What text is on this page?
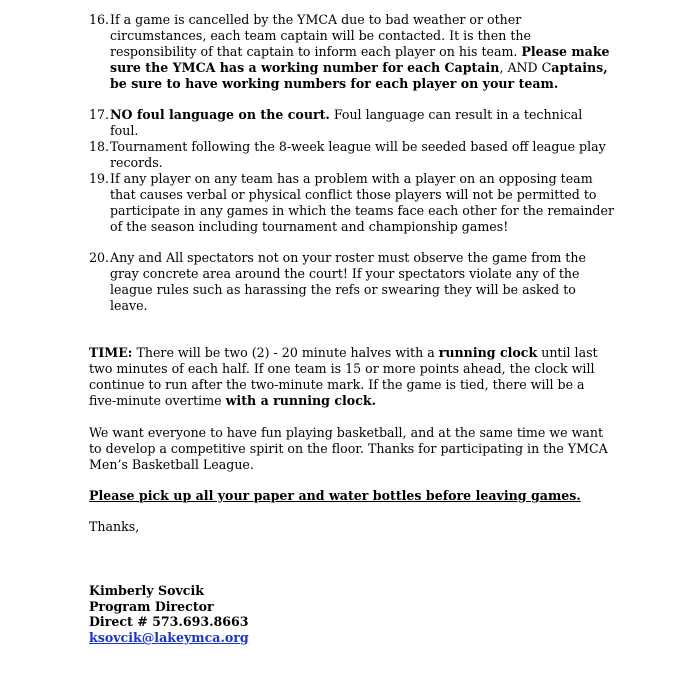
16. If a game is cancelled by the YMCA due to bad weather or other circumstances, each team captain will be contacted. It is then the responsibility of that captain to inform each player on his team. Please make sure the YMCA has a working number for each Captain, AND Captains, be sure to have working numbers for each player on your team.
17. NO foul language on the court. Foul language can result in a technical foul.
18. Tournament following the 8-week league will be seeded based off league play records.
19. If any player on any team has a problem with a player on an opposing team that causes verbal or physical conflict those players will not be permitted to participate in any games in which the teams face each other for the remainder of the season including tournament and championship games!
20. Any and All spectators not on your roster must observe the game from the gray concrete area around the court! If your spectators violate any of the league rules such as harassing the refs or swearing they will be asked to leave.
TIME: There will be two (2) - 20 minute halves with a running clock until last two minutes of each half. If one team is 15 or more points ahead, the clock will continue to run after the two-minute mark. If the game is tied, there will be a five-minute overtime with a running clock.
We want everyone to have fun playing basketball, and at the same time we want to develop a competitive spirit on the floor. Thanks for participating in the YMCA Men’s Basketball League.
Please pick up all your paper and water bottles before leaving games.
Thanks,
Kimberly Sovcik
Program Director
Direct # 573.693.8663
ksovcik@lakeymca.org
